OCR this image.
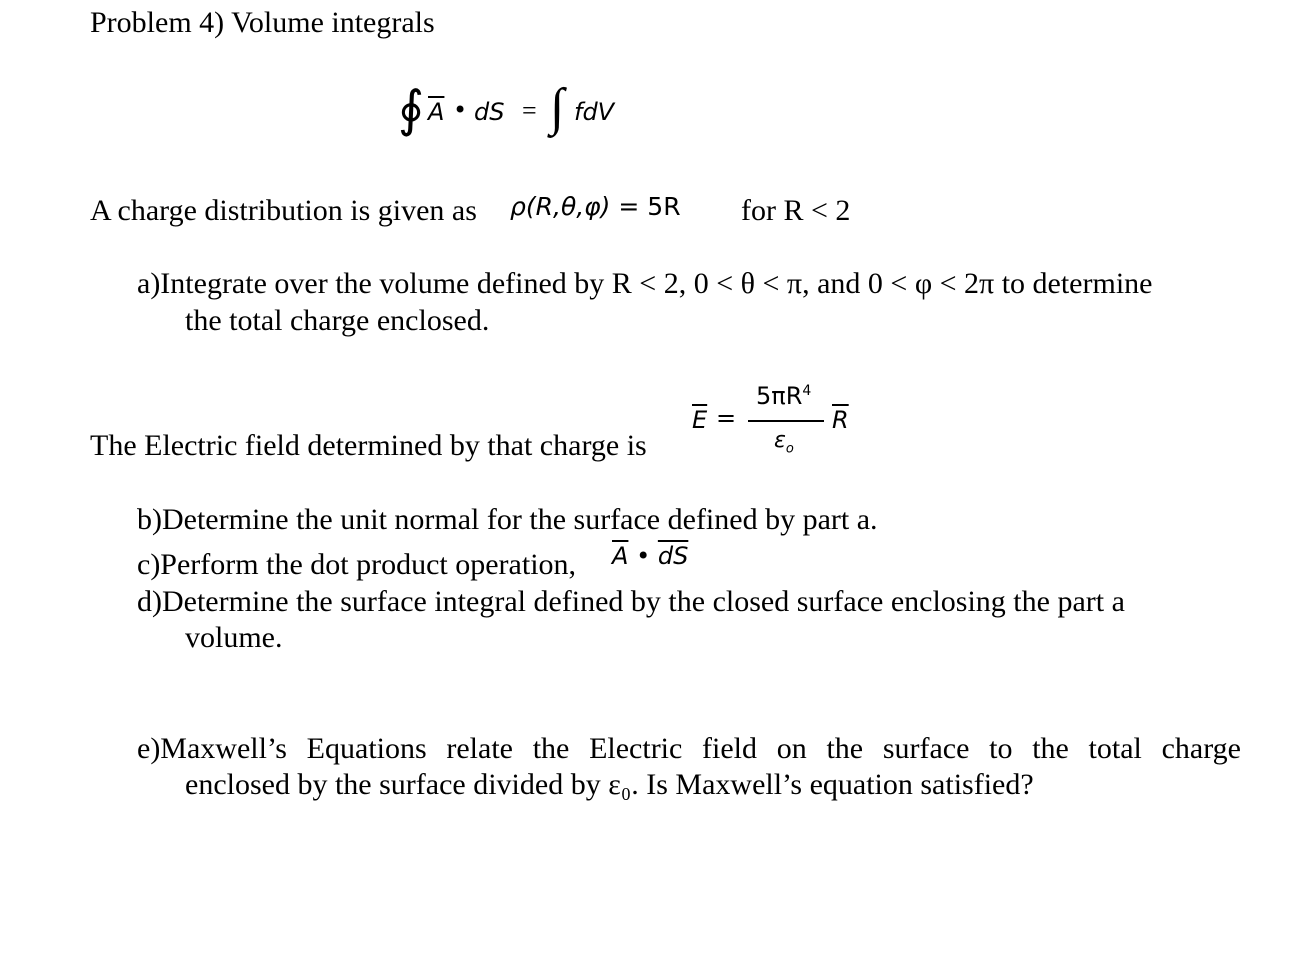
Problem 4) Volume integrals
∮ $\overline{A}$ • dS = ∫ fdV
A charge distribution is given as ρ(R,θ,φ) = 5R for R < 2
a)Integrate over the volume defined by R < 2, 0 < θ < π, and 0 < φ < 2π to determine
the total charge enclosed.
The Electric field determined by that charge is
$\overline{E}$ =
$5\pi R^4$
$\varepsilon_o$
$\overline{R}$
b)Determine the unit normal for the surface defined by part a.
c)Perform the dot product operation, $\overline{A}$ • $\overline{dS}$
d)Determine the surface integral defined by the closed surface enclosing the part a
volume.
e)Maxwell’s Equations relate the Electric field on the surface to the total charge
enclosed by the surface divided by ε₀. Is Maxwell’s equation satisfied?
